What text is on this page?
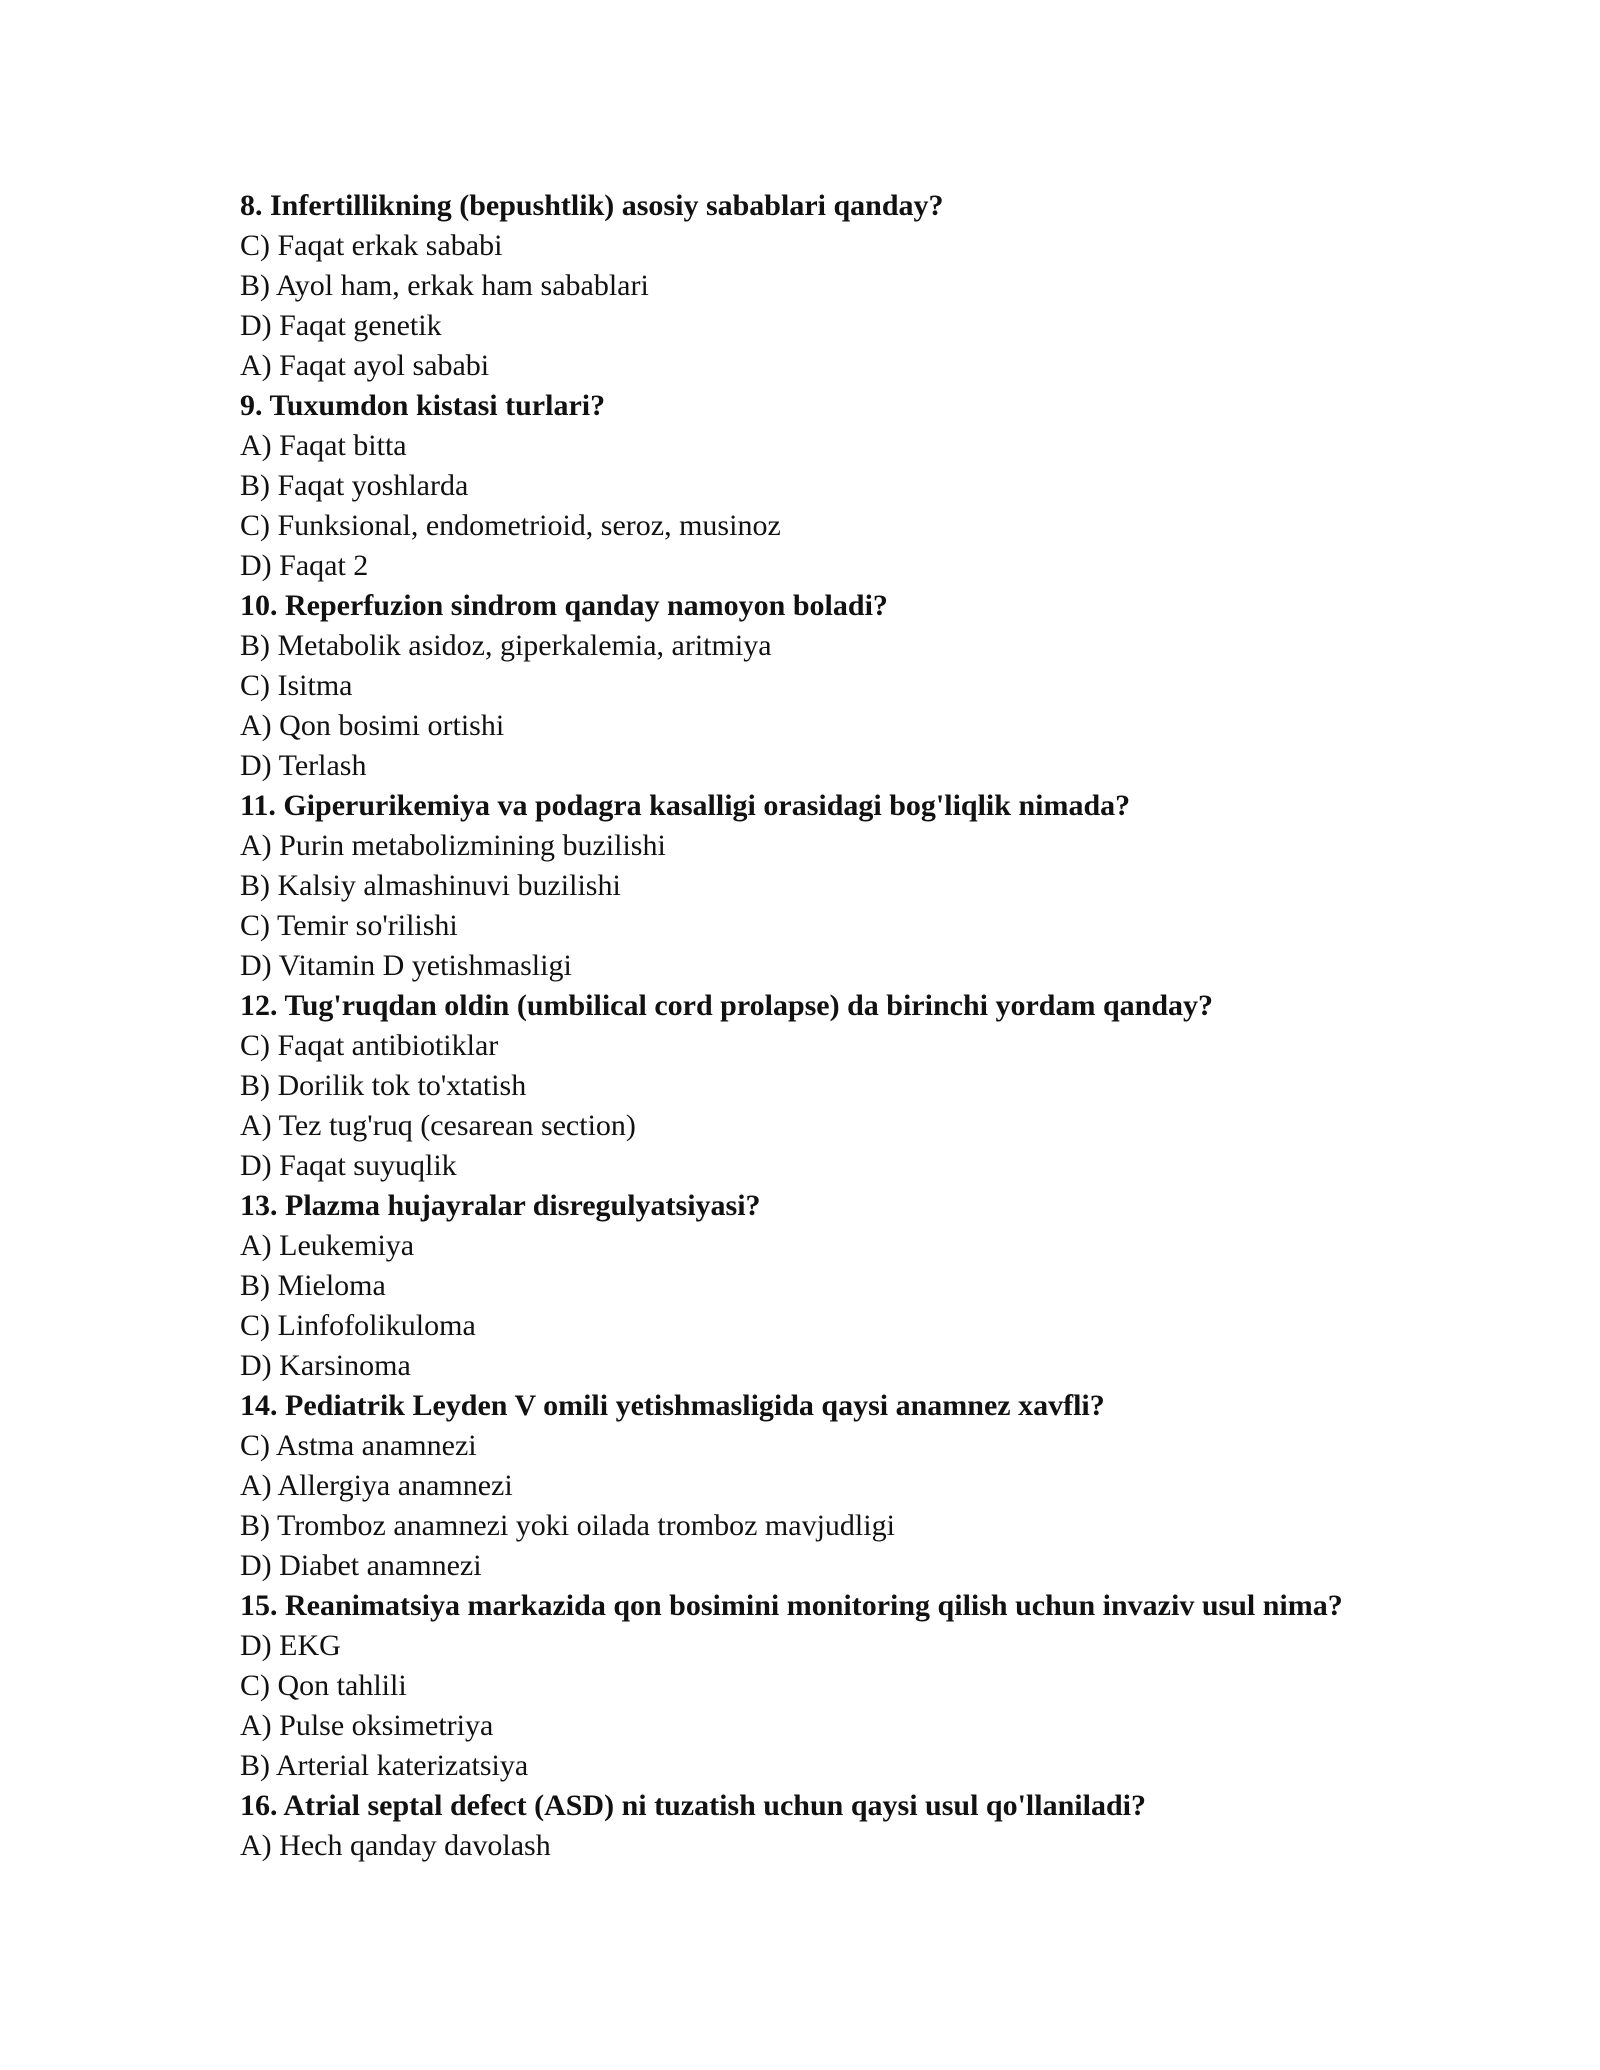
8. Infertillikning (bepushtlik) asosiy sabablari qanday?
C) Faqat erkak sababi
B) Ayol ham, erkak ham sabablari
D) Faqat genetik
A) Faqat ayol sababi
9. Tuxumdon kistasi turlari?
A) Faqat bitta
B) Faqat yoshlarda
C) Funksional, endometrioid, seroz, musinoz
D) Faqat 2
10. Reperfuzion sindrom qanday namoyon boladi?
B) Metabolik asidoz, giperkalemia, aritmiya
C) Isitma
A) Qon bosimi ortishi
D) Terlash
11. Giperurikemiya va podagra kasalligi orasidagi bog'liqlik nimada?
A) Purin metabolizmining buzilishi
B) Kalsiy almashinuvi buzilishi
C) Temir so'rilishi
D) Vitamin D yetishmasligi
12. Tug'ruqdan oldin (umbilical cord prolapse) da birinchi yordam qanday?
C) Faqat antibiotiklar
B) Dorilik tok to'xtatish
A) Tez tug'ruq (cesarean section)
D) Faqat suyuqlik
13. Plazma hujayralar disregulyatsiyasi?
A) Leukemiya
B) Mieloma
C) Linfofolikuloma
D) Karsinoma
14. Pediatrik Leyden V omili yetishmasligida qaysi anamnez xavfli?
C) Astma anamnezi
A) Allergiya anamnezi
B) Tromboz anamnezi yoki oilada tromboz mavjudligi
D) Diabet anamnezi
15. Reanimatsiya markazida qon bosimini monitoring qilish uchun invaziv usul nima?
D) EKG
C) Qon tahlili
A) Pulse oksimetriya
B) Arterial katerizatsiya
16. Atrial septal defect (ASD) ni tuzatish uchun qaysi usul qo'llaniladi?
A) Hech qanday davolash
